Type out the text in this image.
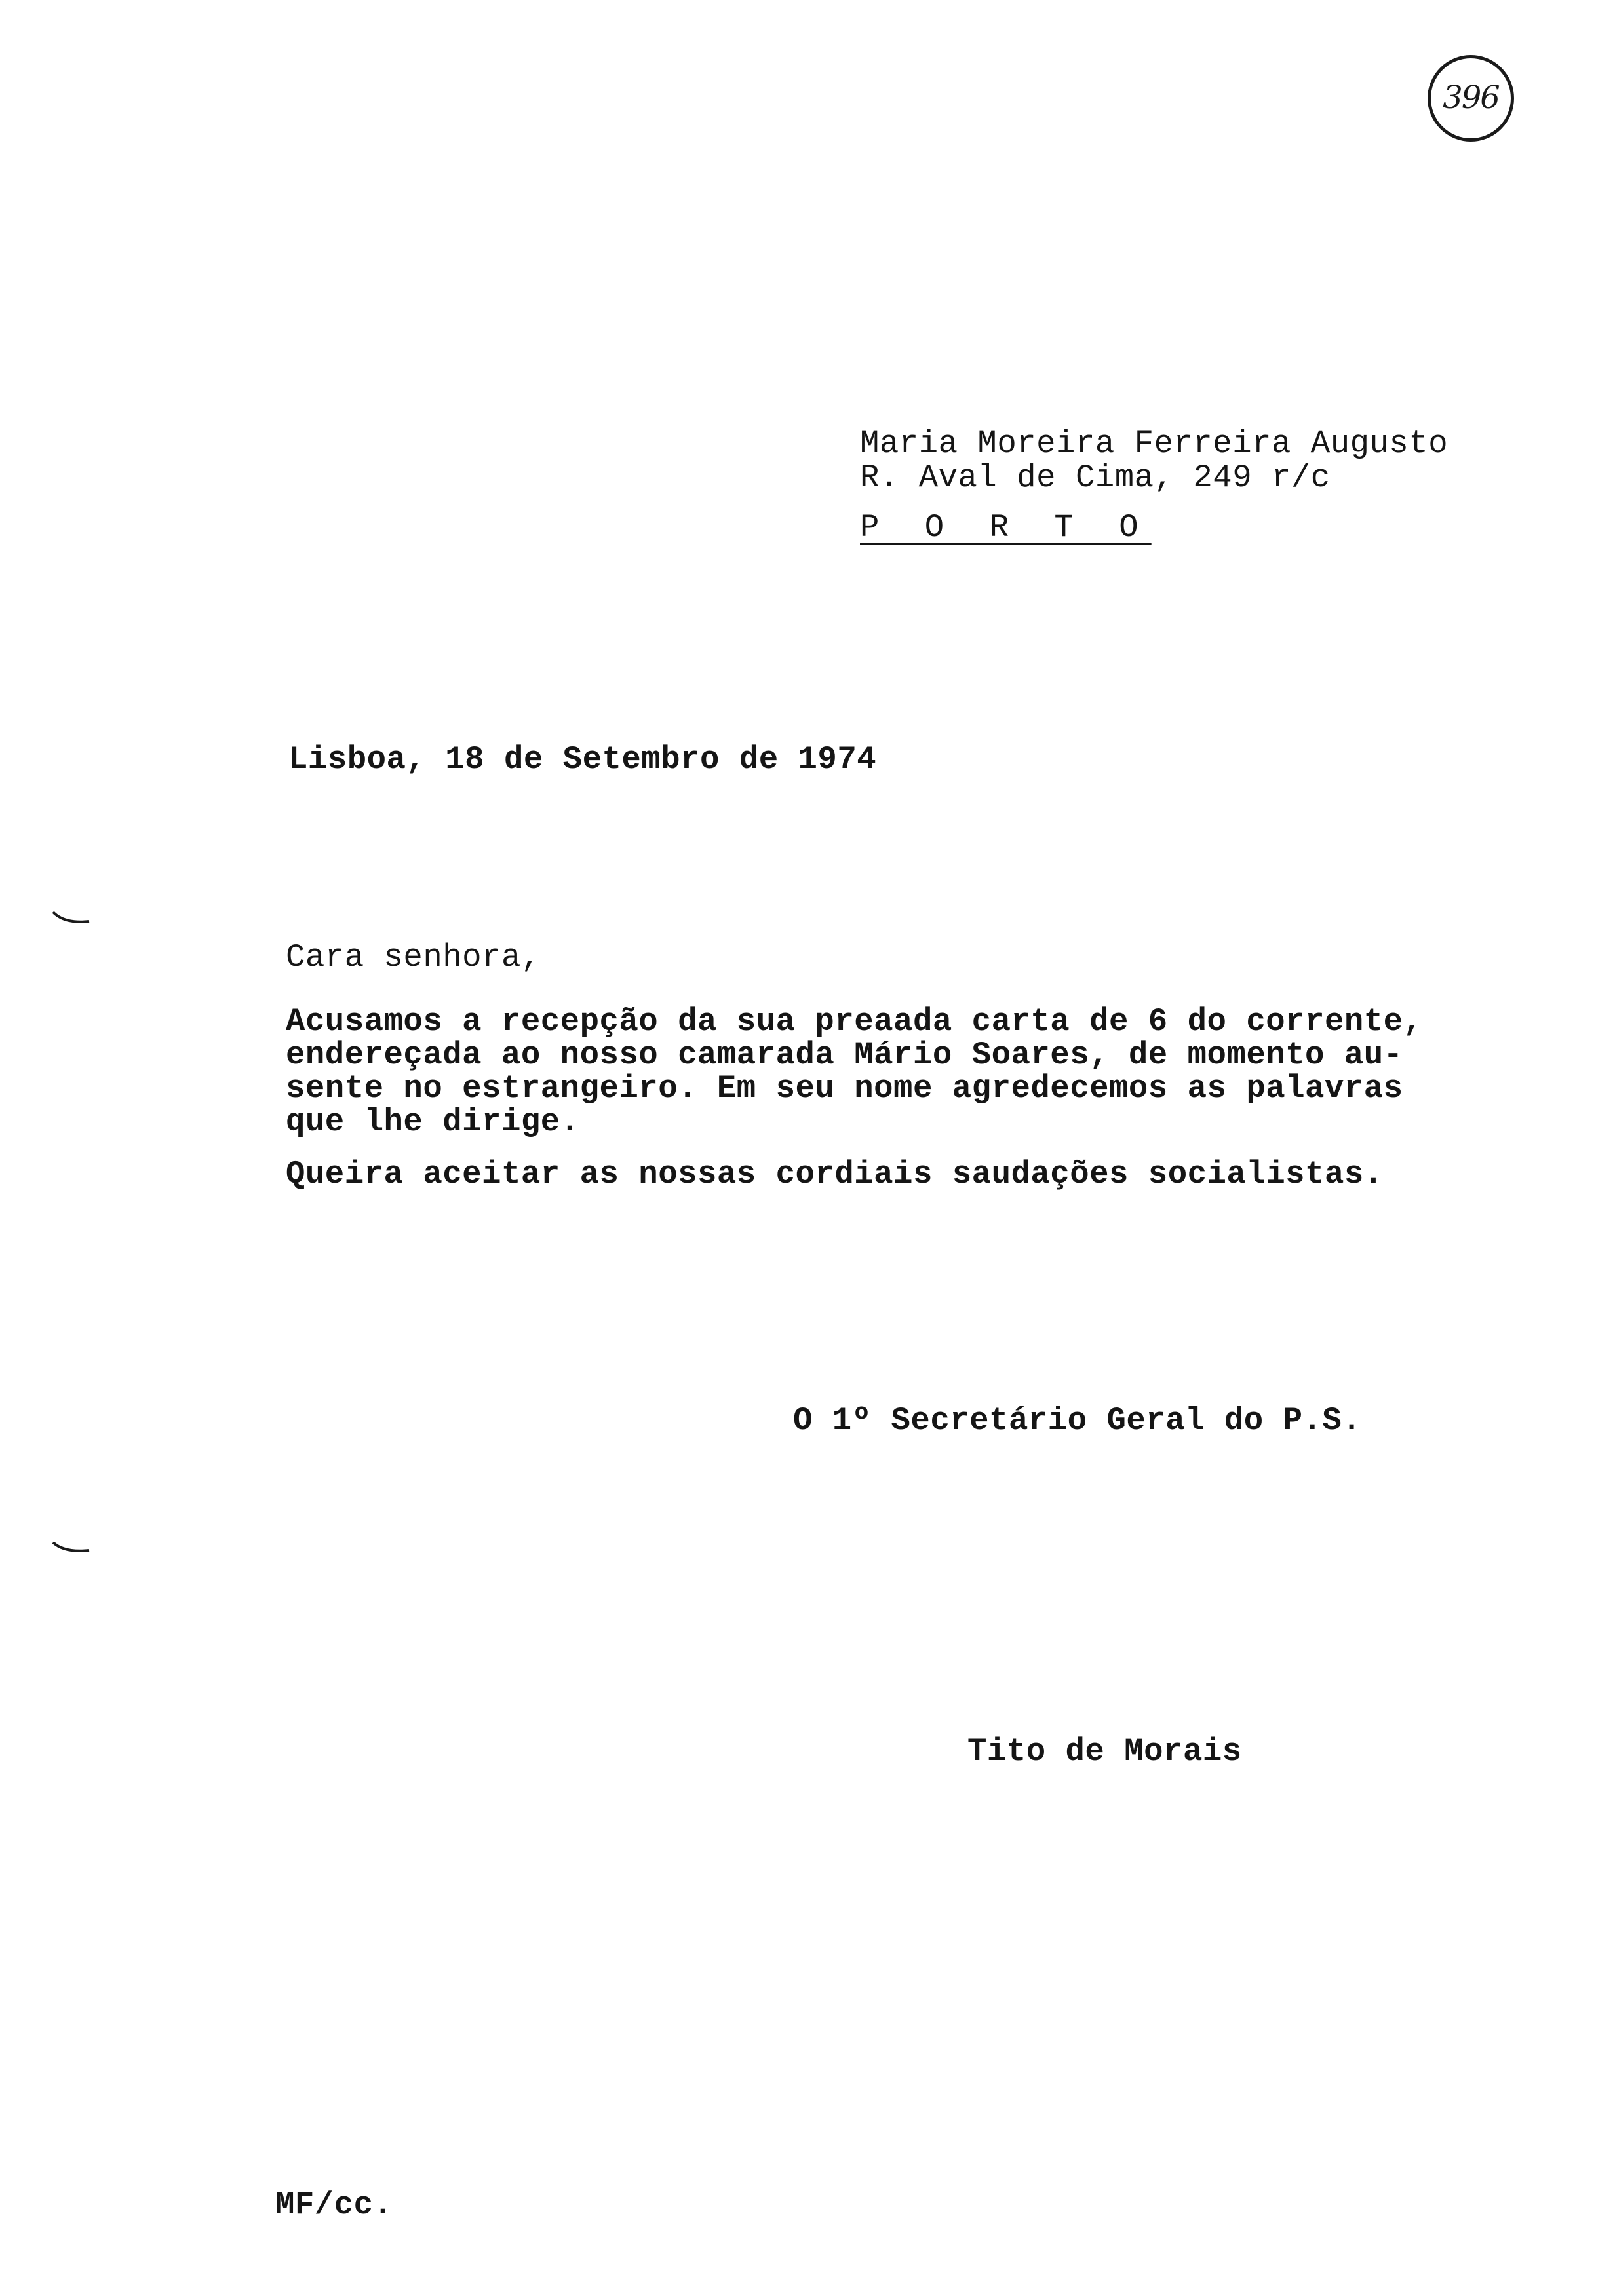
396
Maria Moreira Ferreira Augusto
R. Aval de Cima, 249 r/c
P O R T O
Lisboa, 18 de Setembro de 1974
Cara senhora,
Acusamos a recepção da sua preaada carta de 6 do corrente,
endereçada ao nosso camarada Mário Soares, de momento au-
sente no estrangeiro. Em seu nome agredecemos as palavras
que lhe dirige.
Queira aceitar as nossas cordiais saudações socialistas.
O 1º Secretário Geral do P.S.
Tito de Morais
MF/cc.
